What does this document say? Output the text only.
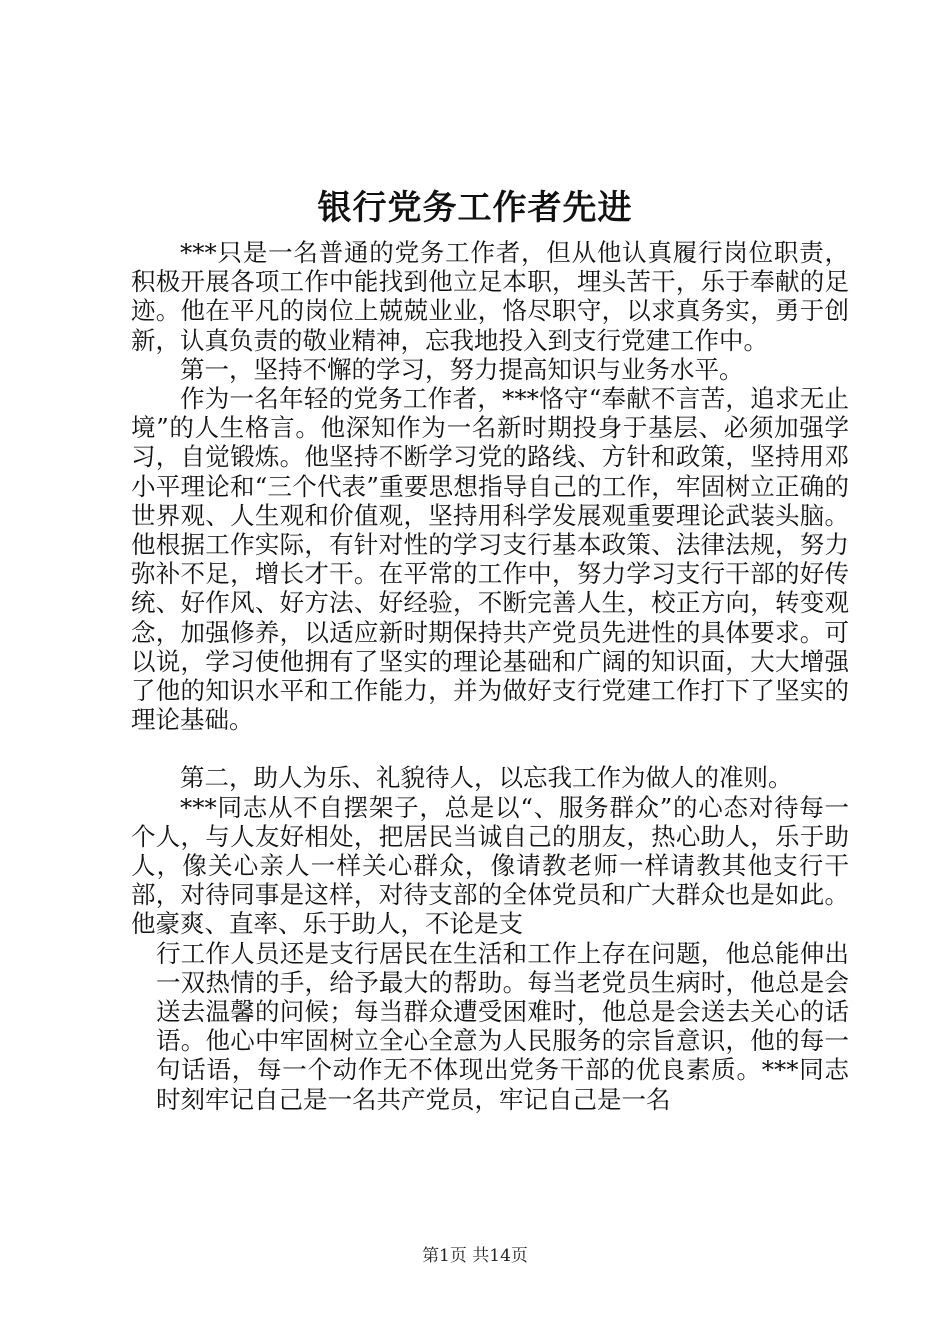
银行党务工作者先进

***只是一名普通的党务工作者，但从他认真履行岗位职责，积极开展各项工作中能找到他立足本职，埋头苦干，乐于奉献的足迹。他在平凡的岗位上兢兢业业，恪尽职守，以求真务实，勇于创新，认真负责的敬业精神，忘我地投入到支行党建工作中。

第一，坚持不懈的学习，努力提高知识与业务水平。

作为一名年轻的党务工作者，***恪守“奉献不言苦，追求无止境”的人生格言。他深知作为一名新时期投身于基层、必须加强学习，自觉锻炼。他坚持不断学习党的路线、方针和政策，坚持用邓小平理论和“三个代表”重要思想指导自己的工作，牢固树立正确的世界观、人生观和价值观，坚持用科学发展观重要理论武装头脑。他根据工作实际，有针对性的学习支行基本政策、法律法规，努力弥补不足，增长才干。在平常的工作中，努力学习支行干部的好传统、好作风、好方法、好经验，不断完善人生，校正方向，转变观念，加强修养，以适应新时期保持共产党员先进性的具体要求。可以说，学习使他拥有了坚实的理论基础和广阔的知识面，大大增强了他的知识水平和工作能力，并为做好支行党建工作打下了坚实的理论基础。

第二，助人为乐、礼貌待人，以忘我工作为做人的准则。

***同志从不自摆架子，总是以“、服务群众”的心态对待每一个人，与人友好相处，把居民当诚自己的朋友，热心助人，乐于助人，像关心亲人一样关心群众，像请教老师一样请教其他支行干部，对待同事是这样，对待支部的全体党员和广大群众也是如此。他豪爽、直率、乐于助人，不论是支

行工作人员还是支行居民在生活和工作上存在问题，他总能伸出一双热情的手，给予最大的帮助。每当老党员生病时，他总是会送去温馨的问候；每当群众遭受困难时，他总是会送去关心的话语。他心中牢固树立全心全意为人民服务的宗旨意识，他的每一句话语，每一个动作无不体现出党务干部的优良素质。***同志时刻牢记自己是一名共产党员，牢记自己是一名

第1页 共14页
